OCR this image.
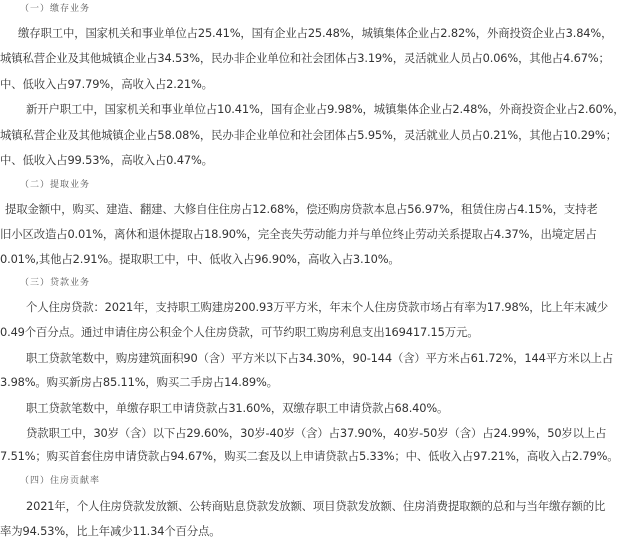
（一）缴存业务
缴存职工中，国家机关和事业单位占25.41%，国有企业占25.48%，城镇集体企业占2.82%，外商投资企业占3.84%，
城镇私营企业及其他城镇企业占34.53%，民办非企业单位和社会团体占3.19%，灵活就业人员占0.06%，其他占4.67%；
中、低收入占97.79%，高收入占2.21%。
新开户职工中，国家机关和事业单位占10.41%，国有企业占9.98%，城镇集体企业占2.48%，外商投资企业占2.60%，
城镇私营企业及其他城镇企业占58.08%，民办非企业单位和社会团体占5.95%，灵活就业人员占0.21%，其他占10.29%；
中、低收入占99.53%，高收入占0.47%。
（二）提取业务
提取金额中，购买、建造、翻建、大修自住住房占12.68%，偿还购房贷款本息占56.97%，租赁住房占4.15%，支持老
旧小区改造占0.01%，离休和退休提取占18.90%，完全丧失劳动能力并与单位终止劳动关系提取占4.37%，出境定居占
0.01%,其他占2.91%。提取职工中，中、低收入占96.90%，高收入占3.10%。
（三）贷款业务
个人住房贷款：2021年，支持职工购建房200.93万平方米，年末个人住房贷款市场占有率为17.98%，比上年末减少
0.49个百分点。通过申请住房公积金个人住房贷款，可节约职工购房利息支出169417.15万元。
职工贷款笔数中，购房建筑面积90（含）平方米以下占34.30%，90-144（含）平方米占61.72%，144平方米以上占
3.98%。购买新房占85.11%，购买二手房占14.89%。
职工贷款笔数中，单缴存职工申请贷款占31.60%，双缴存职工申请贷款占68.40%。
贷款职工中，30岁（含）以下占29.60%，30岁-40岁（含）占37.90%，40岁-50岁（含）占24.99%，50岁以上占
7.51%；购买首套住房申请贷款占94.67%，购买二套及以上申请贷款占5.33%；中、低收入占97.21%，高收入占2.79%。
（四）住房贡献率
2021年，个人住房贷款发放额、公转商贴息贷款发放额、项目贷款发放额、住房消费提取额的总和与当年缴存额的比
率为94.53%，比上年减少11.34个百分点。
